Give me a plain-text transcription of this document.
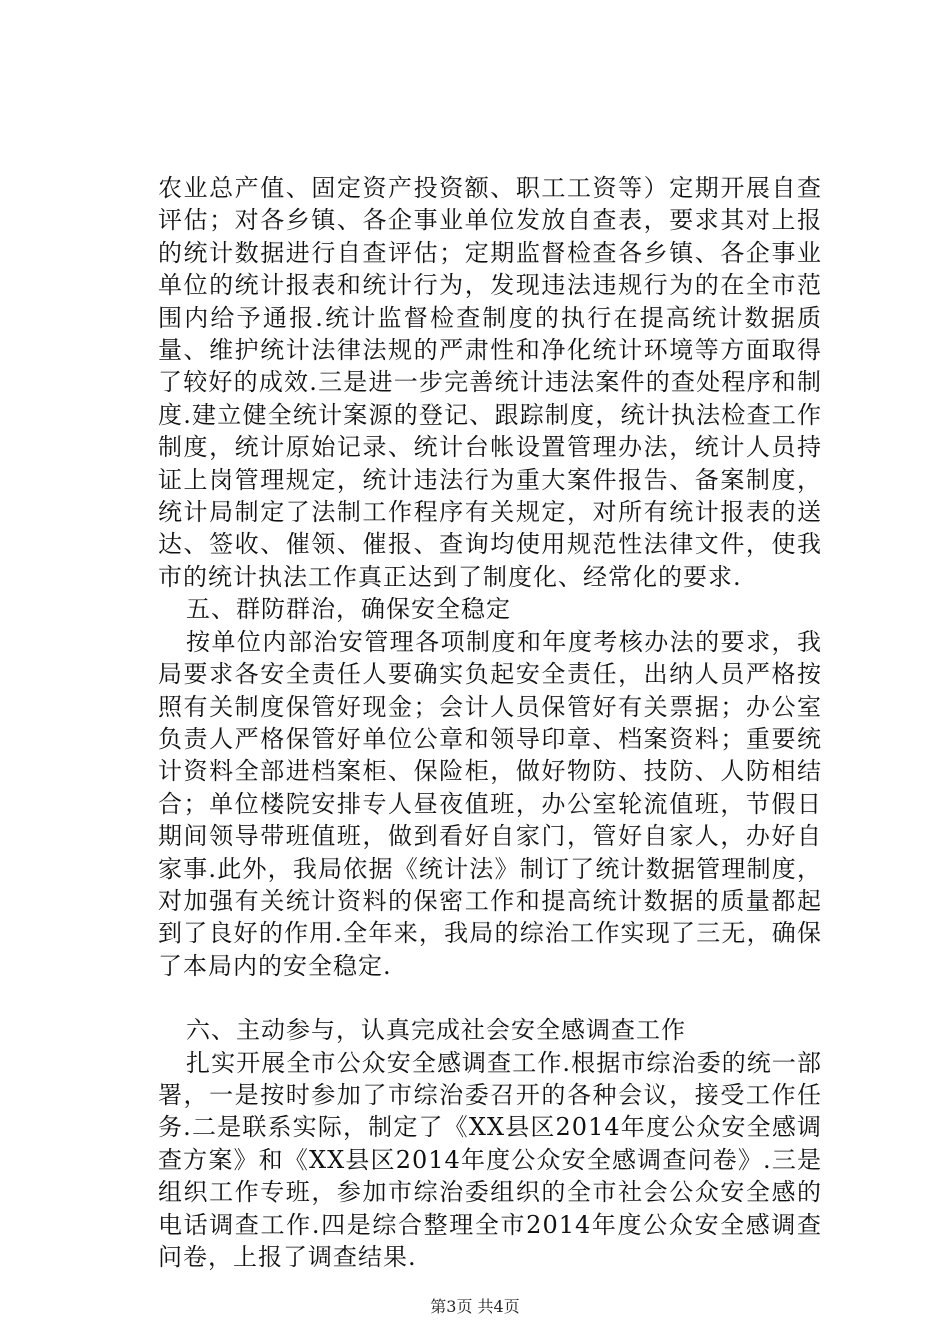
农业总产值、固定资产投资额、职工工资等）定期开展自查评估；对各乡镇、各企事业单位发放自查表，要求其对上报的统计数据进行自查评估；定期监督检查各乡镇、各企事业单位的统计报表和统计行为，发现违法违规行为的在全市范围内给予通报.统计监督检查制度的执行在提高统计数据质量、维护统计法律法规的严肃性和净化统计环境等方面取得了较好的成效.三是进一步完善统计违法案件的查处程序和制度.建立健全统计案源的登记、跟踪制度，统计执法检查工作制度，统计原始记录、统计台帐设置管理办法，统计人员持证上岗管理规定，统计违法行为重大案件报告、备案制度，统计局制定了法制工作程序有关规定，对所有统计报表的送达、签收、催领、催报、查询均使用规范性法律文件，使我市的统计执法工作真正达到了制度化、经常化的要求.

五、群防群治，确保安全稳定

按单位内部治安管理各项制度和年度考核办法的要求，我局要求各安全责任人要确实负起安全责任，出纳人员严格按照有关制度保管好现金；会计人员保管好有关票据；办公室负责人严格保管好单位公章和领导印章、档案资料；重要统计资料全部进档案柜、保险柜，做好物防、技防、人防相结合；单位楼院安排专人昼夜值班，办公室轮流值班，节假日期间领导带班值班，做到看好自家门，管好自家人，办好自家事.此外，我局依据《统计法》制订了统计数据管理制度，对加强有关统计资料的保密工作和提高统计数据的质量都起到了良好的作用.全年来，我局的综治工作实现了三无，确保了本局内的安全稳定.

六、主动参与，认真完成社会安全感调查工作

扎实开展全市公众安全感调查工作.根据市综治委的统一部署，一是按时参加了市综治委召开的各种会议，接受工作任务.二是联系实际，制定了《XX县区2014年度公众安全感调查方案》和《XX县区2014年度公众安全感调查问卷》.三是组织工作专班，参加市综治委组织的全市社会公众安全感的电话调查工作.四是综合整理全市2014年度公众安全感调查问卷，上报了调查结果.

第3页 共4页
